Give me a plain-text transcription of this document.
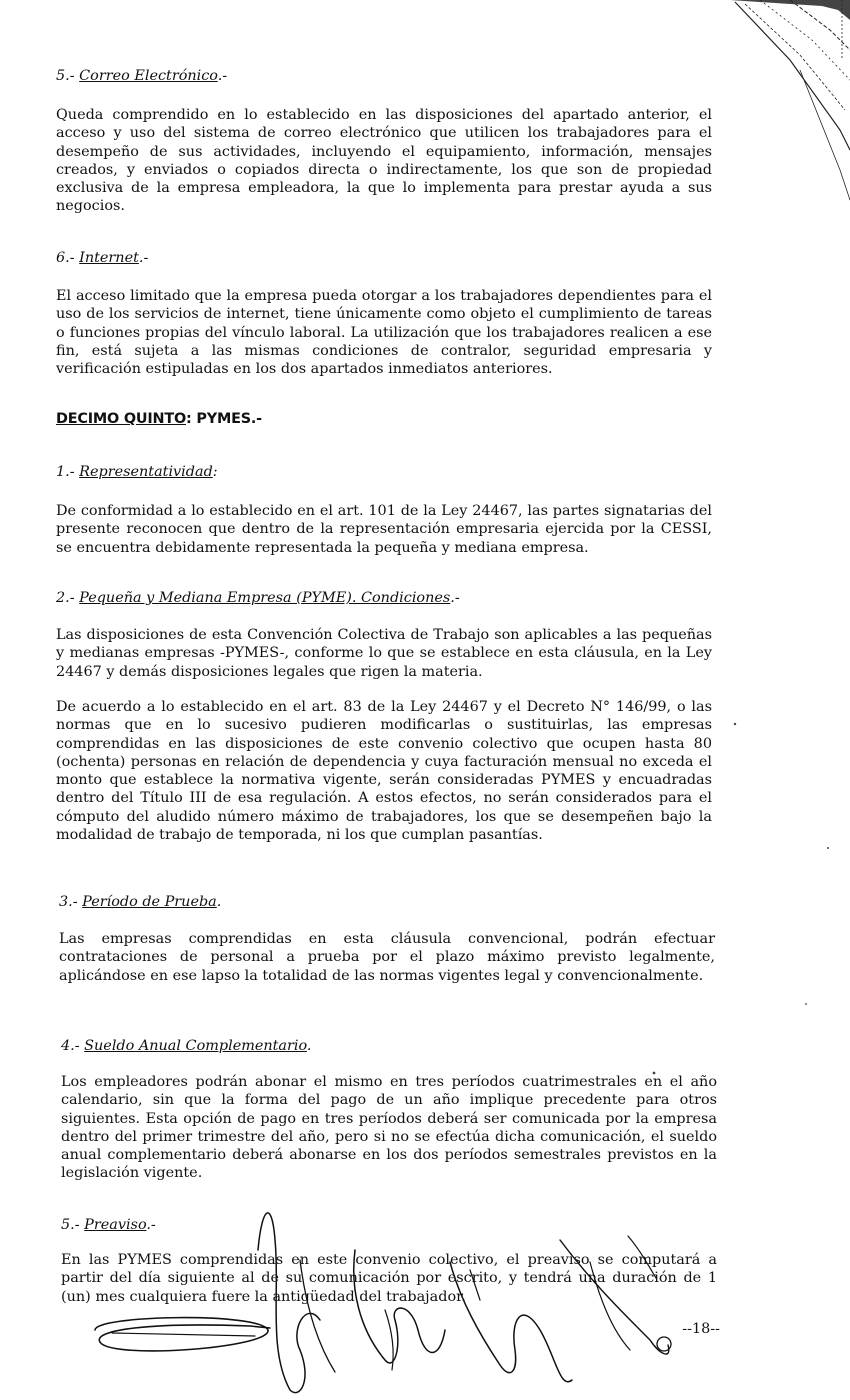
5.- Correo Electrónico.-

Queda comprendido en lo establecido en las disposiciones del apartado anterior, el acceso y uso del sistema de correo electrónico que utilicen los trabajadores para el desempeño de sus actividades, incluyendo el equipamiento, información, mensajes creados, y enviados o copiados directa o indirectamente, los que son de propiedad exclusiva de la empresa empleadora, la que lo implementa para prestar ayuda a sus negocios.

6.- Internet.-

El acceso limitado que la empresa pueda otorgar a los trabajadores dependientes para el uso de los servicios de internet, tiene únicamente como objeto el cumplimiento de tareas o funciones propias del vínculo laboral. La utilización que los trabajadores realicen a ese fin, está sujeta a las mismas condiciones de contralor, seguridad empresaria y verificación estipuladas en los dos apartados inmediatos anteriores.

DECIMO QUINTO: PYMES.-
1.- Representatividad:

De conformidad a lo establecido en el art. 101 de la Ley 24467, las partes signatarias del presente reconocen que dentro de la representación empresaria ejercida por la CESSI, se encuentra debidamente representada la pequeña y mediana empresa.

2.- Pequeña y Mediana Empresa (PYME). Condiciones.-

Las disposiciones de esta Convención Colectiva de Trabajo son aplicables a las pequeñas y medianas empresas -PYMES-, conforme lo que se establece en esta cláusula, en la Ley 24467 y demás disposiciones legales que rigen la materia.

De acuerdo a lo establecido en el art. 83 de la Ley 24467 y el Decreto N° 146/99, o las normas que en lo sucesivo pudieren modificarlas o sustituirlas, las empresas comprendidas en las disposiciones de este convenio colectivo que ocupen hasta 80 (ochenta) personas en relación de dependencia y cuya facturación mensual no exceda el monto que establece la normativa vigente, serán consideradas PYMES y encuadradas dentro del Título III de esa regulación. A estos efectos, no serán considerados para el cómputo del aludido número máximo de trabajadores, los que se desempeñen bajo la modalidad de trabajo de temporada, ni los que cumplan pasantías.

3.- Período de Prueba.

Las empresas comprendidas en esta cláusula convencional, podrán efectuar contrataciones de personal a prueba por el plazo máximo previsto legalmente, aplicándose en ese lapso la totalidad de las normas vigentes legal y convencionalmente.

4.- Sueldo Anual Complementario.

Los empleadores podrán abonar el mismo en tres períodos cuatrimestrales en el año calendario, sin que la forma del pago de un año implique precedente para otros siguientes. Esta opción de pago en tres períodos deberá ser comunicada por la empresa dentro del primer trimestre del año, pero si no se efectúa dicha comunicación, el sueldo anual complementario deberá abonarse en los dos períodos semestrales previstos en la legislación vigente.

5.- Preaviso.-

En las PYMES comprendidas en este convenio colectivo, el preaviso se computará a partir del día siguiente al de su comunicación por escrito, y tendrá una duración de 1 (un) mes cualquiera fuere la antigüedad del trabajador.

--18--
